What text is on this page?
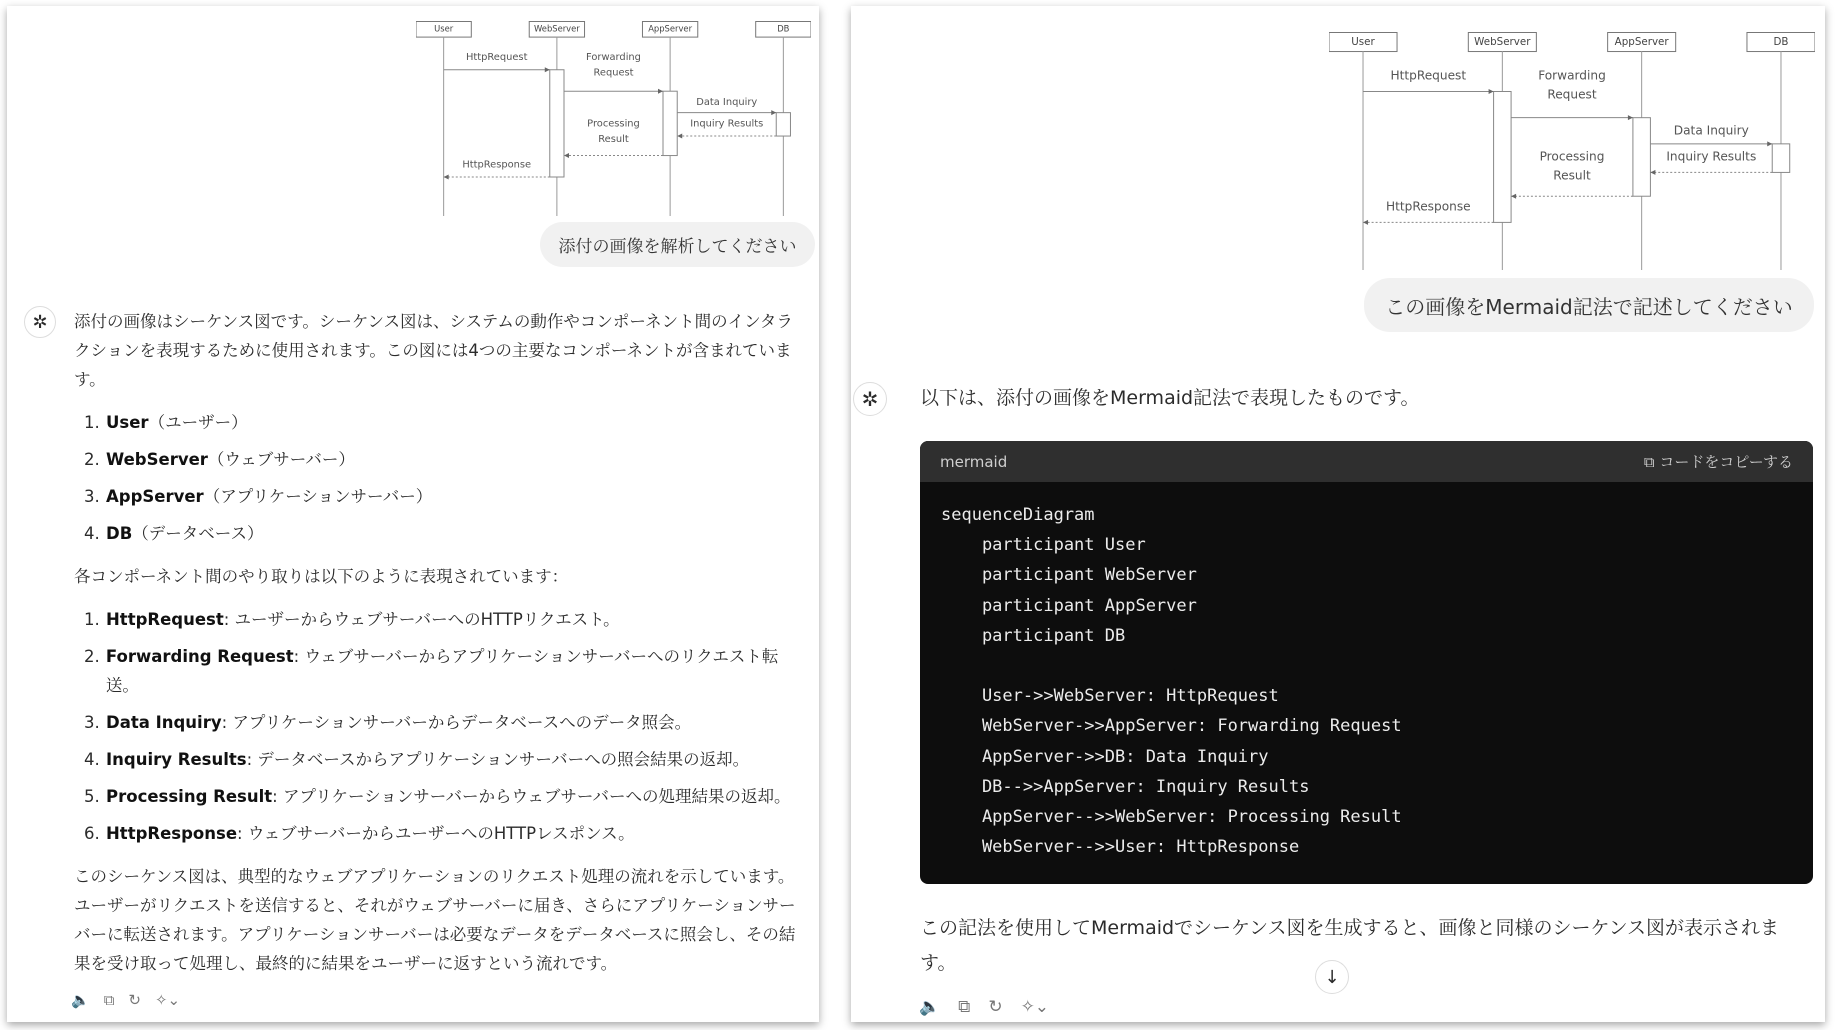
User	WebServer	AppServer	DB
HttpRequest	Forwarding
Request
Data Inquiry
Inquiry Results
Processing
Result
HttpResponse
添付の画像を解析してください
✲	添付の画像はシーケンス図です。シーケンス図は、システムの動作やコンポーネント間のインタラクションを表現するために使用されます。この図には4つの主要なコンポーネントが含まれています。

1. User（ユーザー）
2. WebServer（ウェブサーバー）
3. AppServer（アプリケーションサーバー）
4. DB（データベース）

各コンポーネント間のやり取りは以下のように表現されています：

1. HttpRequest: ユーザーからウェブサーバーへのHTTPリクエスト。
2. Forwarding Request: ウェブサーバーからアプリケーションサーバーへのリクエスト転送。
3. Data Inquiry: アプリケーションサーバーからデータベースへのデータ照会。
4. Inquiry Results: データベースからアプリケーションサーバーへの照会結果の返却。
5. Processing Result: アプリケーションサーバーからウェブサーバーへの処理結果の返却。
6. HttpResponse: ウェブサーバーからユーザーへのHTTPレスポンス。

このシーケンス図は、典型的なウェブアプリケーションのリクエスト処理の流れを示しています。ユーザーがリクエストを送信すると、それがウェブサーバーに届き、さらにアプリケーションサーバーに転送されます。アプリケーションサーバーは必要なデータをデータベースに照会し、その結果を受け取って処理し、最終的に結果をユーザーに返すという流れです。

🔈 ⧉ ↻ ✧⌄
User	WebServer	AppServer	DB
HttpRequest	Forwarding
Request
Data Inquiry
Inquiry Results
Processing
Result
HttpResponse
この画像をMermaid記法で記述してください
✲	以下は、添付の画像をMermaid記法で表現したものです。
mermaid	⧉ コードをコピーする
sequenceDiagram
participant User
participant WebServer
participant AppServer
participant DB

User->>WebServer: HttpRequest
WebServer->>AppServer: Forwarding Request
AppServer->>DB: Data Inquiry
DB-->>AppServer: Inquiry Results
AppServer-->>WebServer: Processing Result
WebServer-->>User: HttpResponse
この記法を使用してMermaidでシーケンス図を生成すると、画像と同様のシーケンス図が表示されます。
↓
🔈 ⧉ ↻ ✧⌄
